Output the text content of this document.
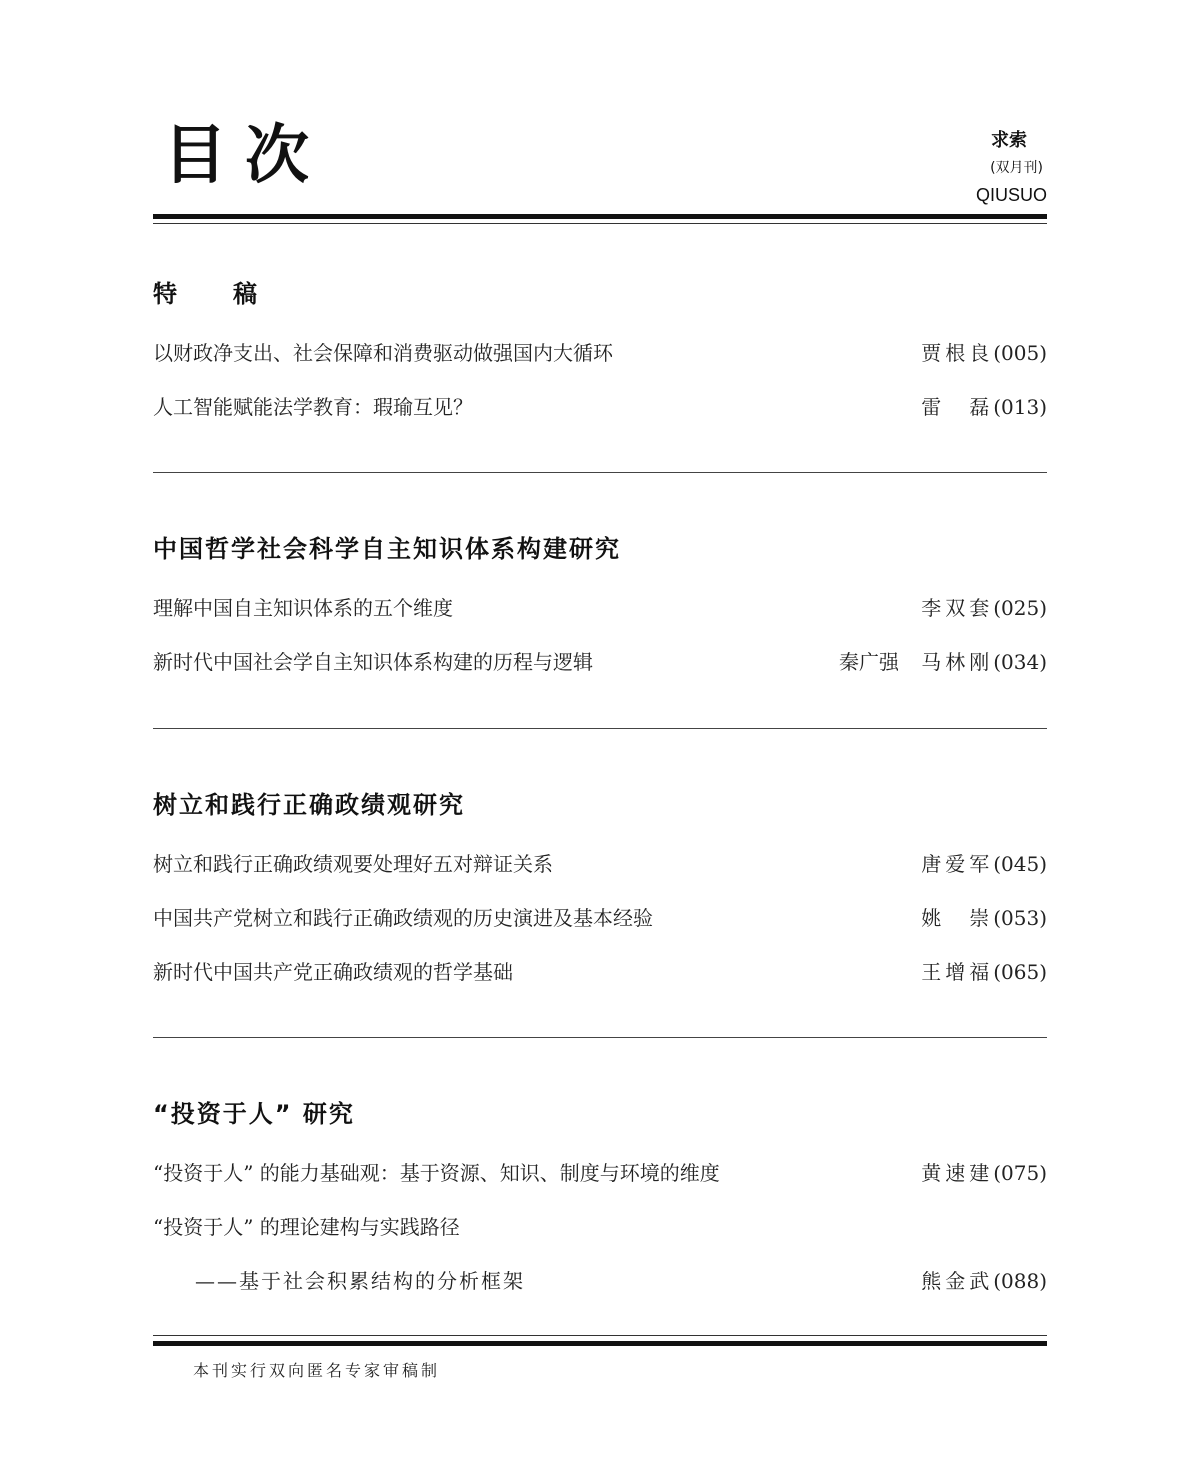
目次	求索
(双月刊)
QIUSUO
特 稿
以财政净支出、社会保障和消费驱动做强国内大循环	贾根良(005)
人工智能赋能法学教育：瑕瑜互见？	雷　磊(013)
中国哲学社会科学自主知识体系构建研究
理解中国自主知识体系的五个维度	李双套(025)
新时代中国社会学自主知识体系构建的历程与逻辑	秦广强 马林刚(034)
树立和践行正确政绩观研究
树立和践行正确政绩观要处理好五对辩证关系	唐爱军(045)
中国共产党树立和践行正确政绩观的历史演进及基本经验	姚　崇(053)
新时代中国共产党正确政绩观的哲学基础	王增福(065)
“投资于人” 研究
“投资于人” 的能力基础观：基于资源、知识、制度与环境的维度	黄速建(075)
“投资于人” 的理论建构与实践路径
——基于社会积累结构的分析框架	熊金武(088)
本刊实行双向匿名专家审稿制
